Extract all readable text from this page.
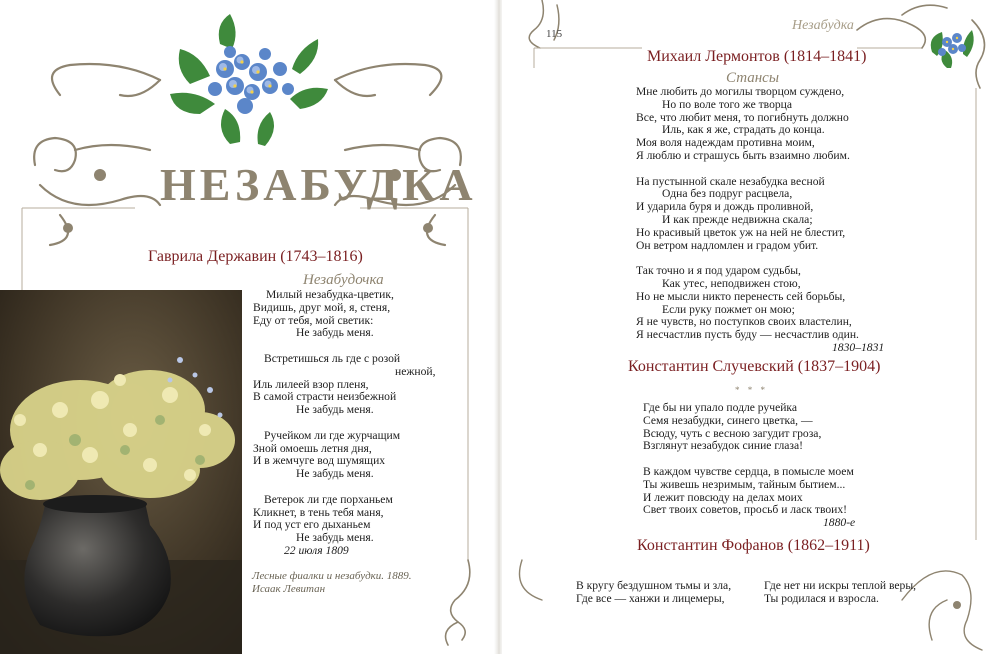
НЕЗАБУДКА
Гаврила Державин (1743–1816)
Незабудочка
Милый незабудка-цветик,
Видишь, друг мой, я, стеня,
Еду от тебя, мой светик:
Не забудь меня.
Встретишься ль где с розой
нежной,
Иль лилеей взор пленя,
В самой страсти неизбежной
Не забудь меня.
Ручейком ли где журчащим
Зной омоешь летня дня,
И в жемчуге вод шумящих
Не забудь меня.
Ветерок ли где порханьем
Кликнет, в тень тебя маня,
И под уст его дыханьем
Не забудь меня.
22 июля 1809
Лесные фиалки и незабудки. 1889.
Исаак Левитан
115
Незабудка
Михаил Лермонтов (1814–1841)
Стансы
Мне любить до могилы творцом суждено,
Но по воле того же творца
Все, что любит меня, то погибнуть должно
Иль, как я же, страдать до конца.
Моя воля надеждам противна моим,
Я люблю и страшусь быть взаимно любим.
На пустынной скале незабудка весной
Одна без подруг расцвела,
И ударила буря и дождь проливной,
И как прежде недвижна скала;
Но красивый цветок уж на ней не блестит,
Он ветром надломлен и градом убит.
Так точно и я под ударом судьбы,
Как утес, неподвижен стою,
Но не мысли никто перенесть сей борьбы,
Если руку пожмет он мою;
Я не чувств, но поступков своих властелин,
Я несчастлив пусть буду — несчастлив один.
1830–1831
Константин Случевский (1837–1904)
* * *
Где бы ни упало подле ручейка
Семя незабудки, синего цветка, —
Всюду, чуть с весною загудит гроза,
Взглянут незабудок синие глаза!
В каждом чувстве сердца, в помысле моем
Ты живешь незримым, тайным бытием...
И лежит повсюду на делах моих
Свет твоих советов, просьб и ласк твоих!
1880-е
Константин Фофанов (1862–1911)
В кругу бездушном тьмы и зла,
Где все — ханжи и лицемеры,
Где нет ни искры теплой веры,
Ты родилася и взросла.
